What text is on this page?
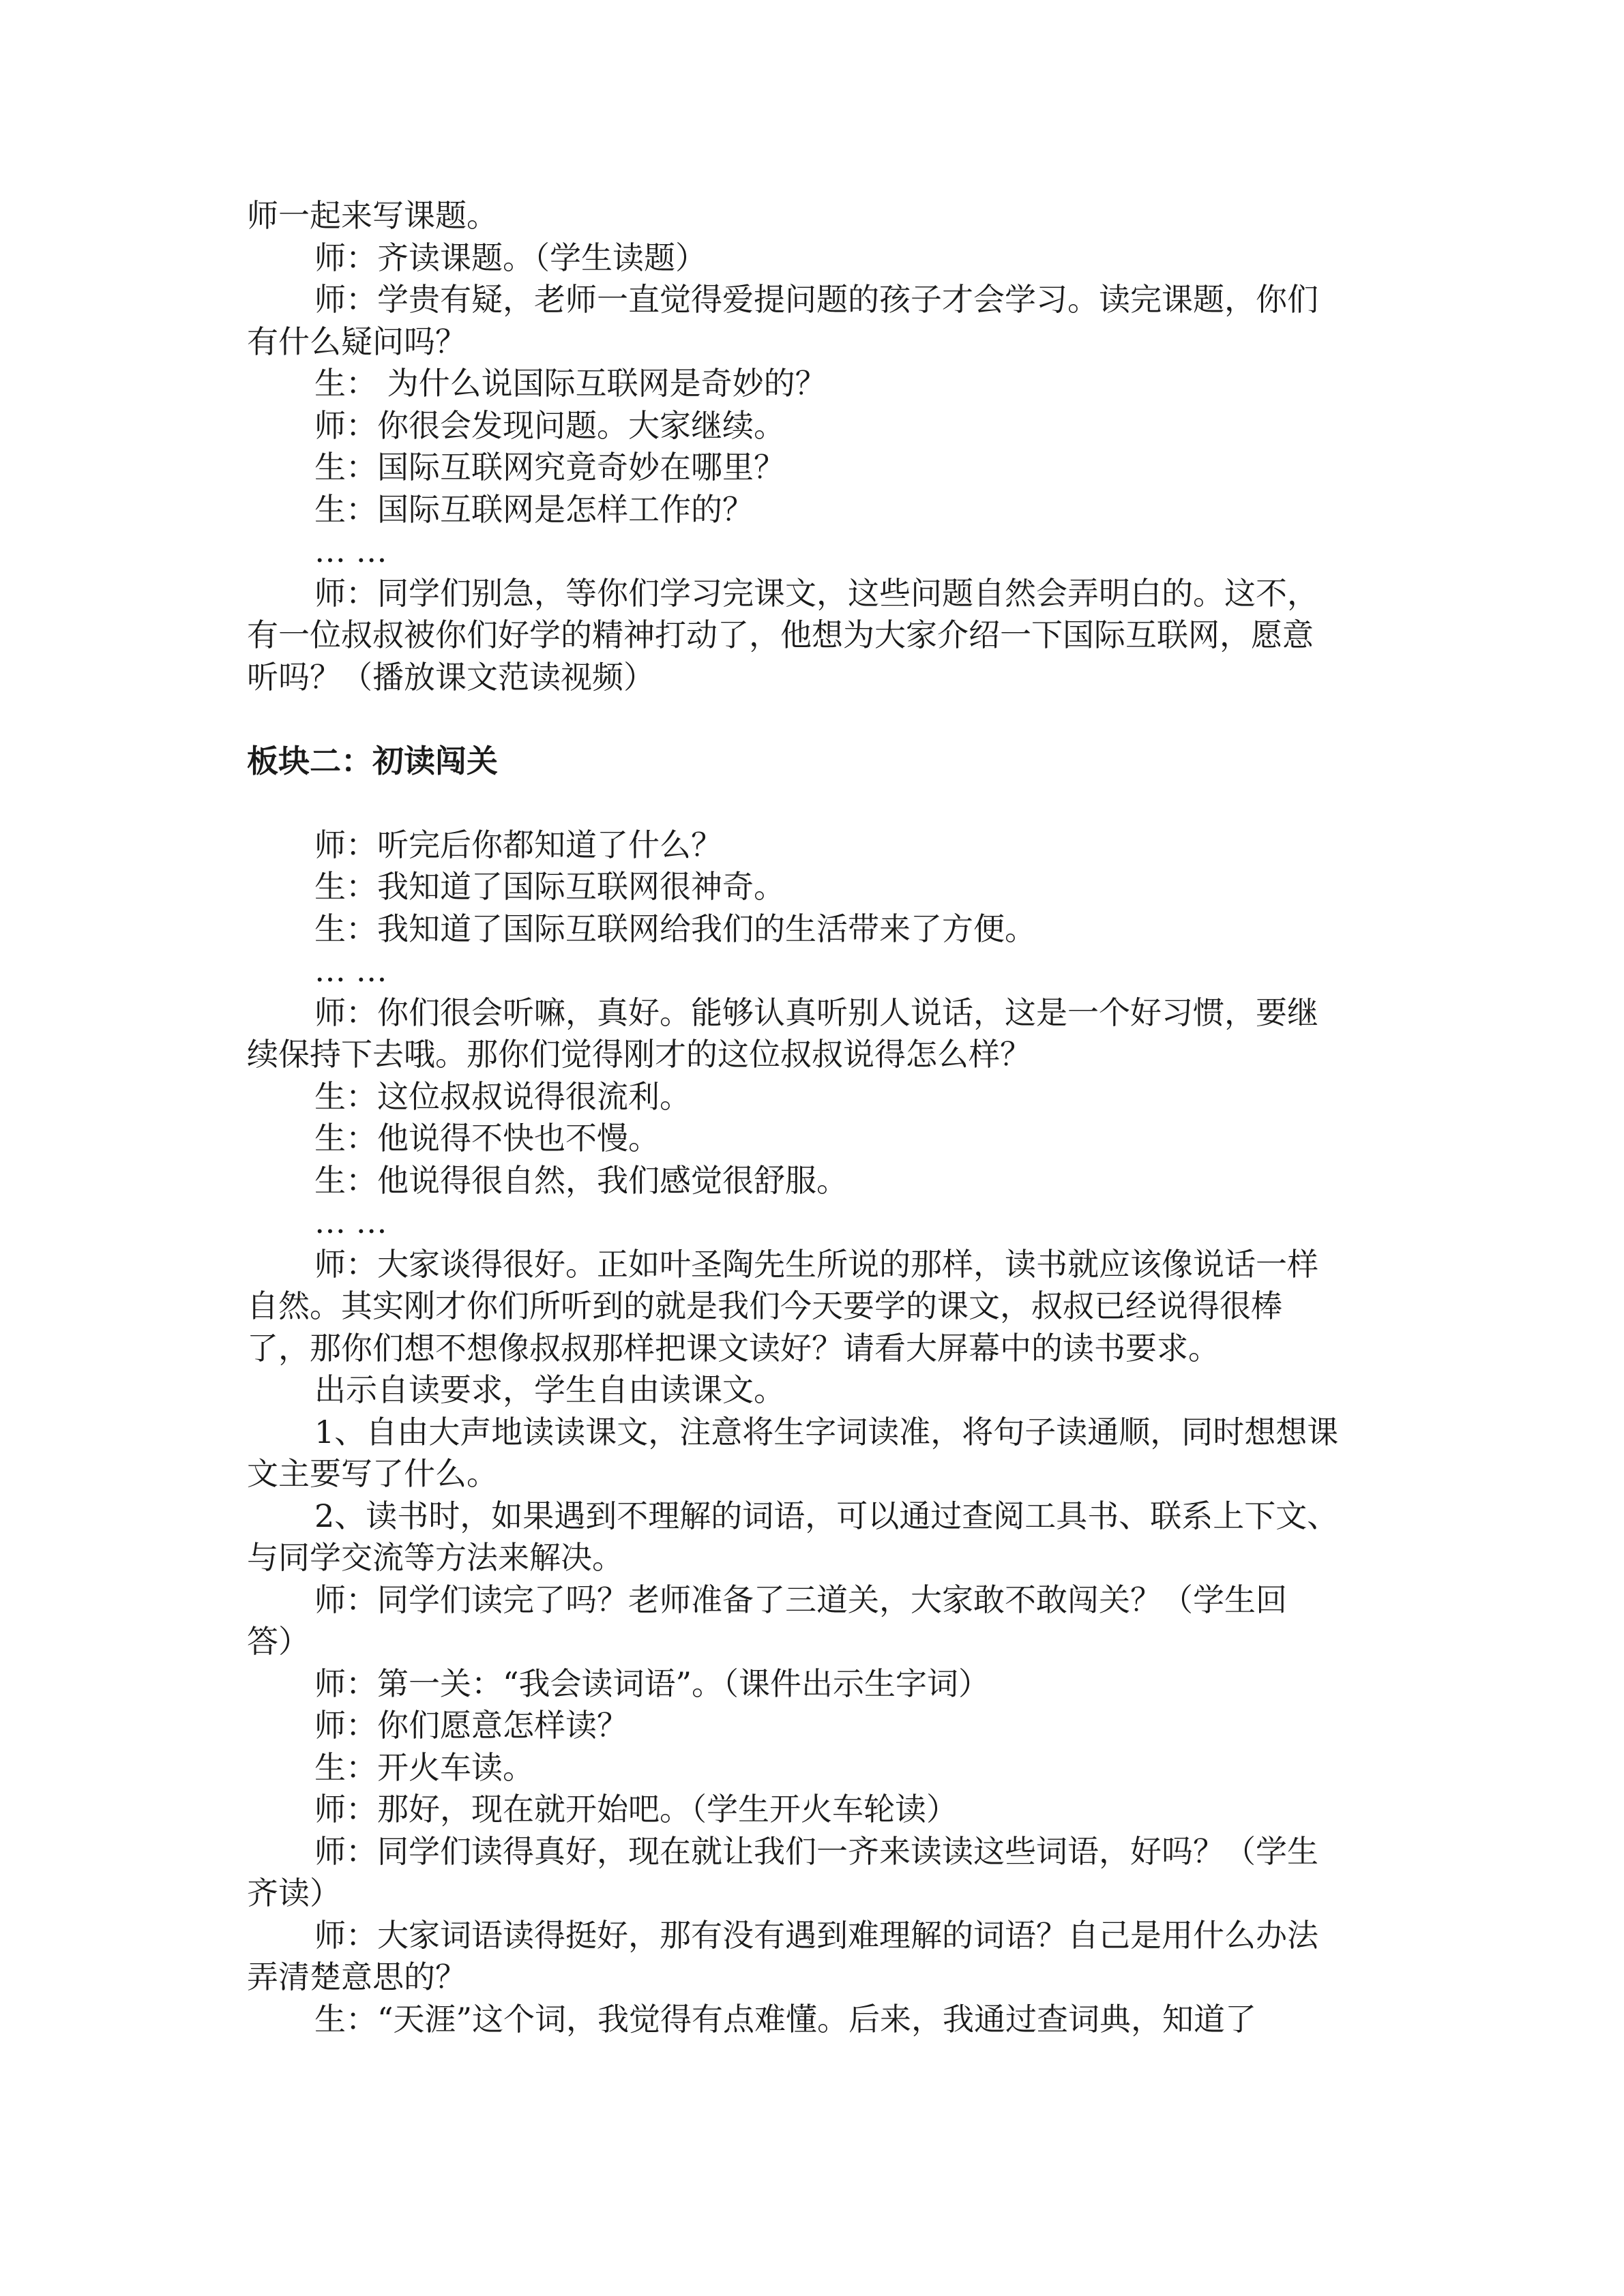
师一起来写课题。
师：齐读课题。（学生读题）
师：学贵有疑，老师一直觉得爱提问题的孩子才会学习。读完课题，你们
有什么疑问吗？
生： 为什么说国际互联网是奇妙的？
师：你很会发现问题。大家继续。
生：国际互联网究竟奇妙在哪里？
生：国际互联网是怎样工作的？
… …
师：同学们别急，等你们学习完课文，这些问题自然会弄明白的。这不，
有一位叔叔被你们好学的精神打动了，他想为大家介绍一下国际互联网，愿意
听吗？（播放课文范读视频）
板块二：初读闯关
师：听完后你都知道了什么？
生：我知道了国际互联网很神奇。
生：我知道了国际互联网给我们的生活带来了方便。
… …
师：你们很会听嘛，真好。能够认真听别人说话，这是一个好习惯，要继
续保持下去哦。那你们觉得刚才的这位叔叔说得怎么样？
生：这位叔叔说得很流利。
生：他说得不快也不慢。
生：他说得很自然，我们感觉很舒服。
… …
师：大家谈得很好。正如叶圣陶先生所说的那样，读书就应该像说话一样
自然。其实刚才你们所听到的就是我们今天要学的课文，叔叔已经说得很棒
了，那你们想不想像叔叔那样把课文读好？请看大屏幕中的读书要求。
出示自读要求，学生自由读课文。
1、自由大声地读读课文，注意将生字词读准，将句子读通顺，同时想想课
文主要写了什么。
2、读书时，如果遇到不理解的词语，可以通过查阅工具书、联系上下文、
与同学交流等方法来解决。
师：同学们读完了吗？老师准备了三道关，大家敢不敢闯关？（学生回
答）
师：第一关：“我会读词语”。（课件出示生字词）
师：你们愿意怎样读？
生：开火车读。
师：那好，现在就开始吧。（学生开火车轮读）
师：同学们读得真好，现在就让我们一齐来读读这些词语，好吗？（学生
齐读）
师：大家词语读得挺好，那有没有遇到难理解的词语？自己是用什么办法
弄清楚意思的？
生：“天涯”这个词，我觉得有点难懂。后来，我通过查词典，知道了
